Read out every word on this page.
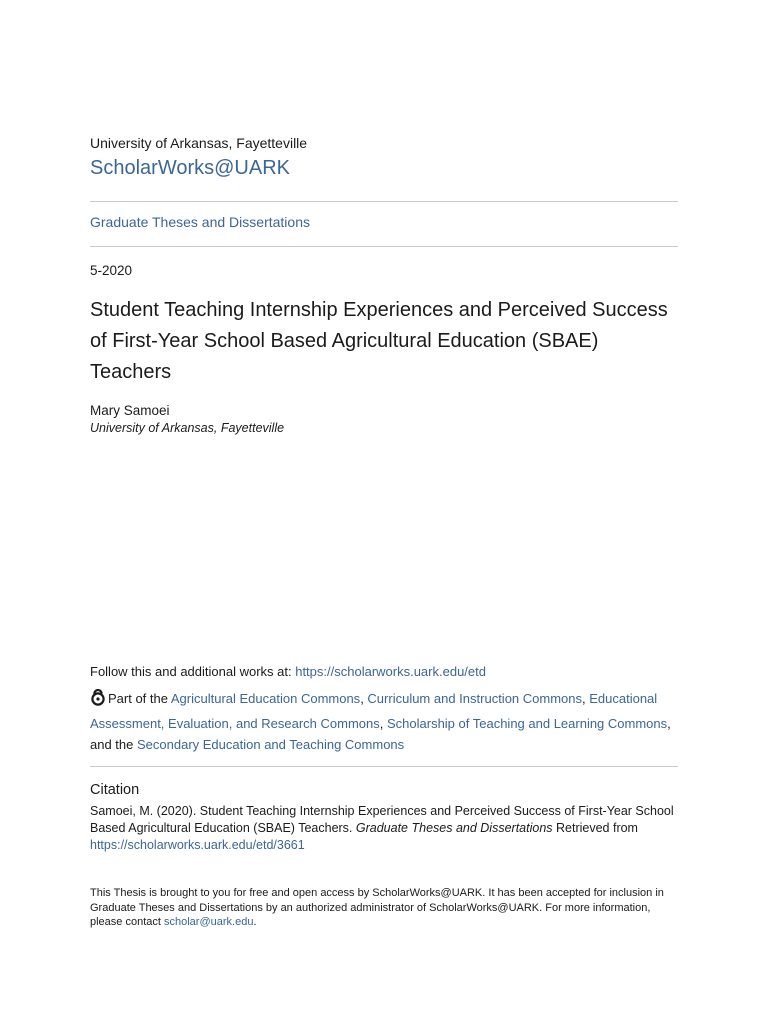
University of Arkansas, Fayetteville
ScholarWorks@UARK
Graduate Theses and Dissertations
5-2020
Student Teaching Internship Experiences and Perceived Success of First-Year School Based Agricultural Education (SBAE) Teachers
Mary Samoei
University of Arkansas, Fayetteville
Follow this and additional works at: https://scholarworks.uark.edu/etd
Part of the Agricultural Education Commons, Curriculum and Instruction Commons, Educational Assessment, Evaluation, and Research Commons, Scholarship of Teaching and Learning Commons, and the Secondary Education and Teaching Commons
Citation
Samoei, M. (2020). Student Teaching Internship Experiences and Perceived Success of First-Year School Based Agricultural Education (SBAE) Teachers. Graduate Theses and Dissertations Retrieved from
https://scholarworks.uark.edu/etd/3661
This Thesis is brought to you for free and open access by ScholarWorks@UARK. It has been accepted for inclusion in Graduate Theses and Dissertations by an authorized administrator of ScholarWorks@UARK. For more information, please contact scholar@uark.edu.
